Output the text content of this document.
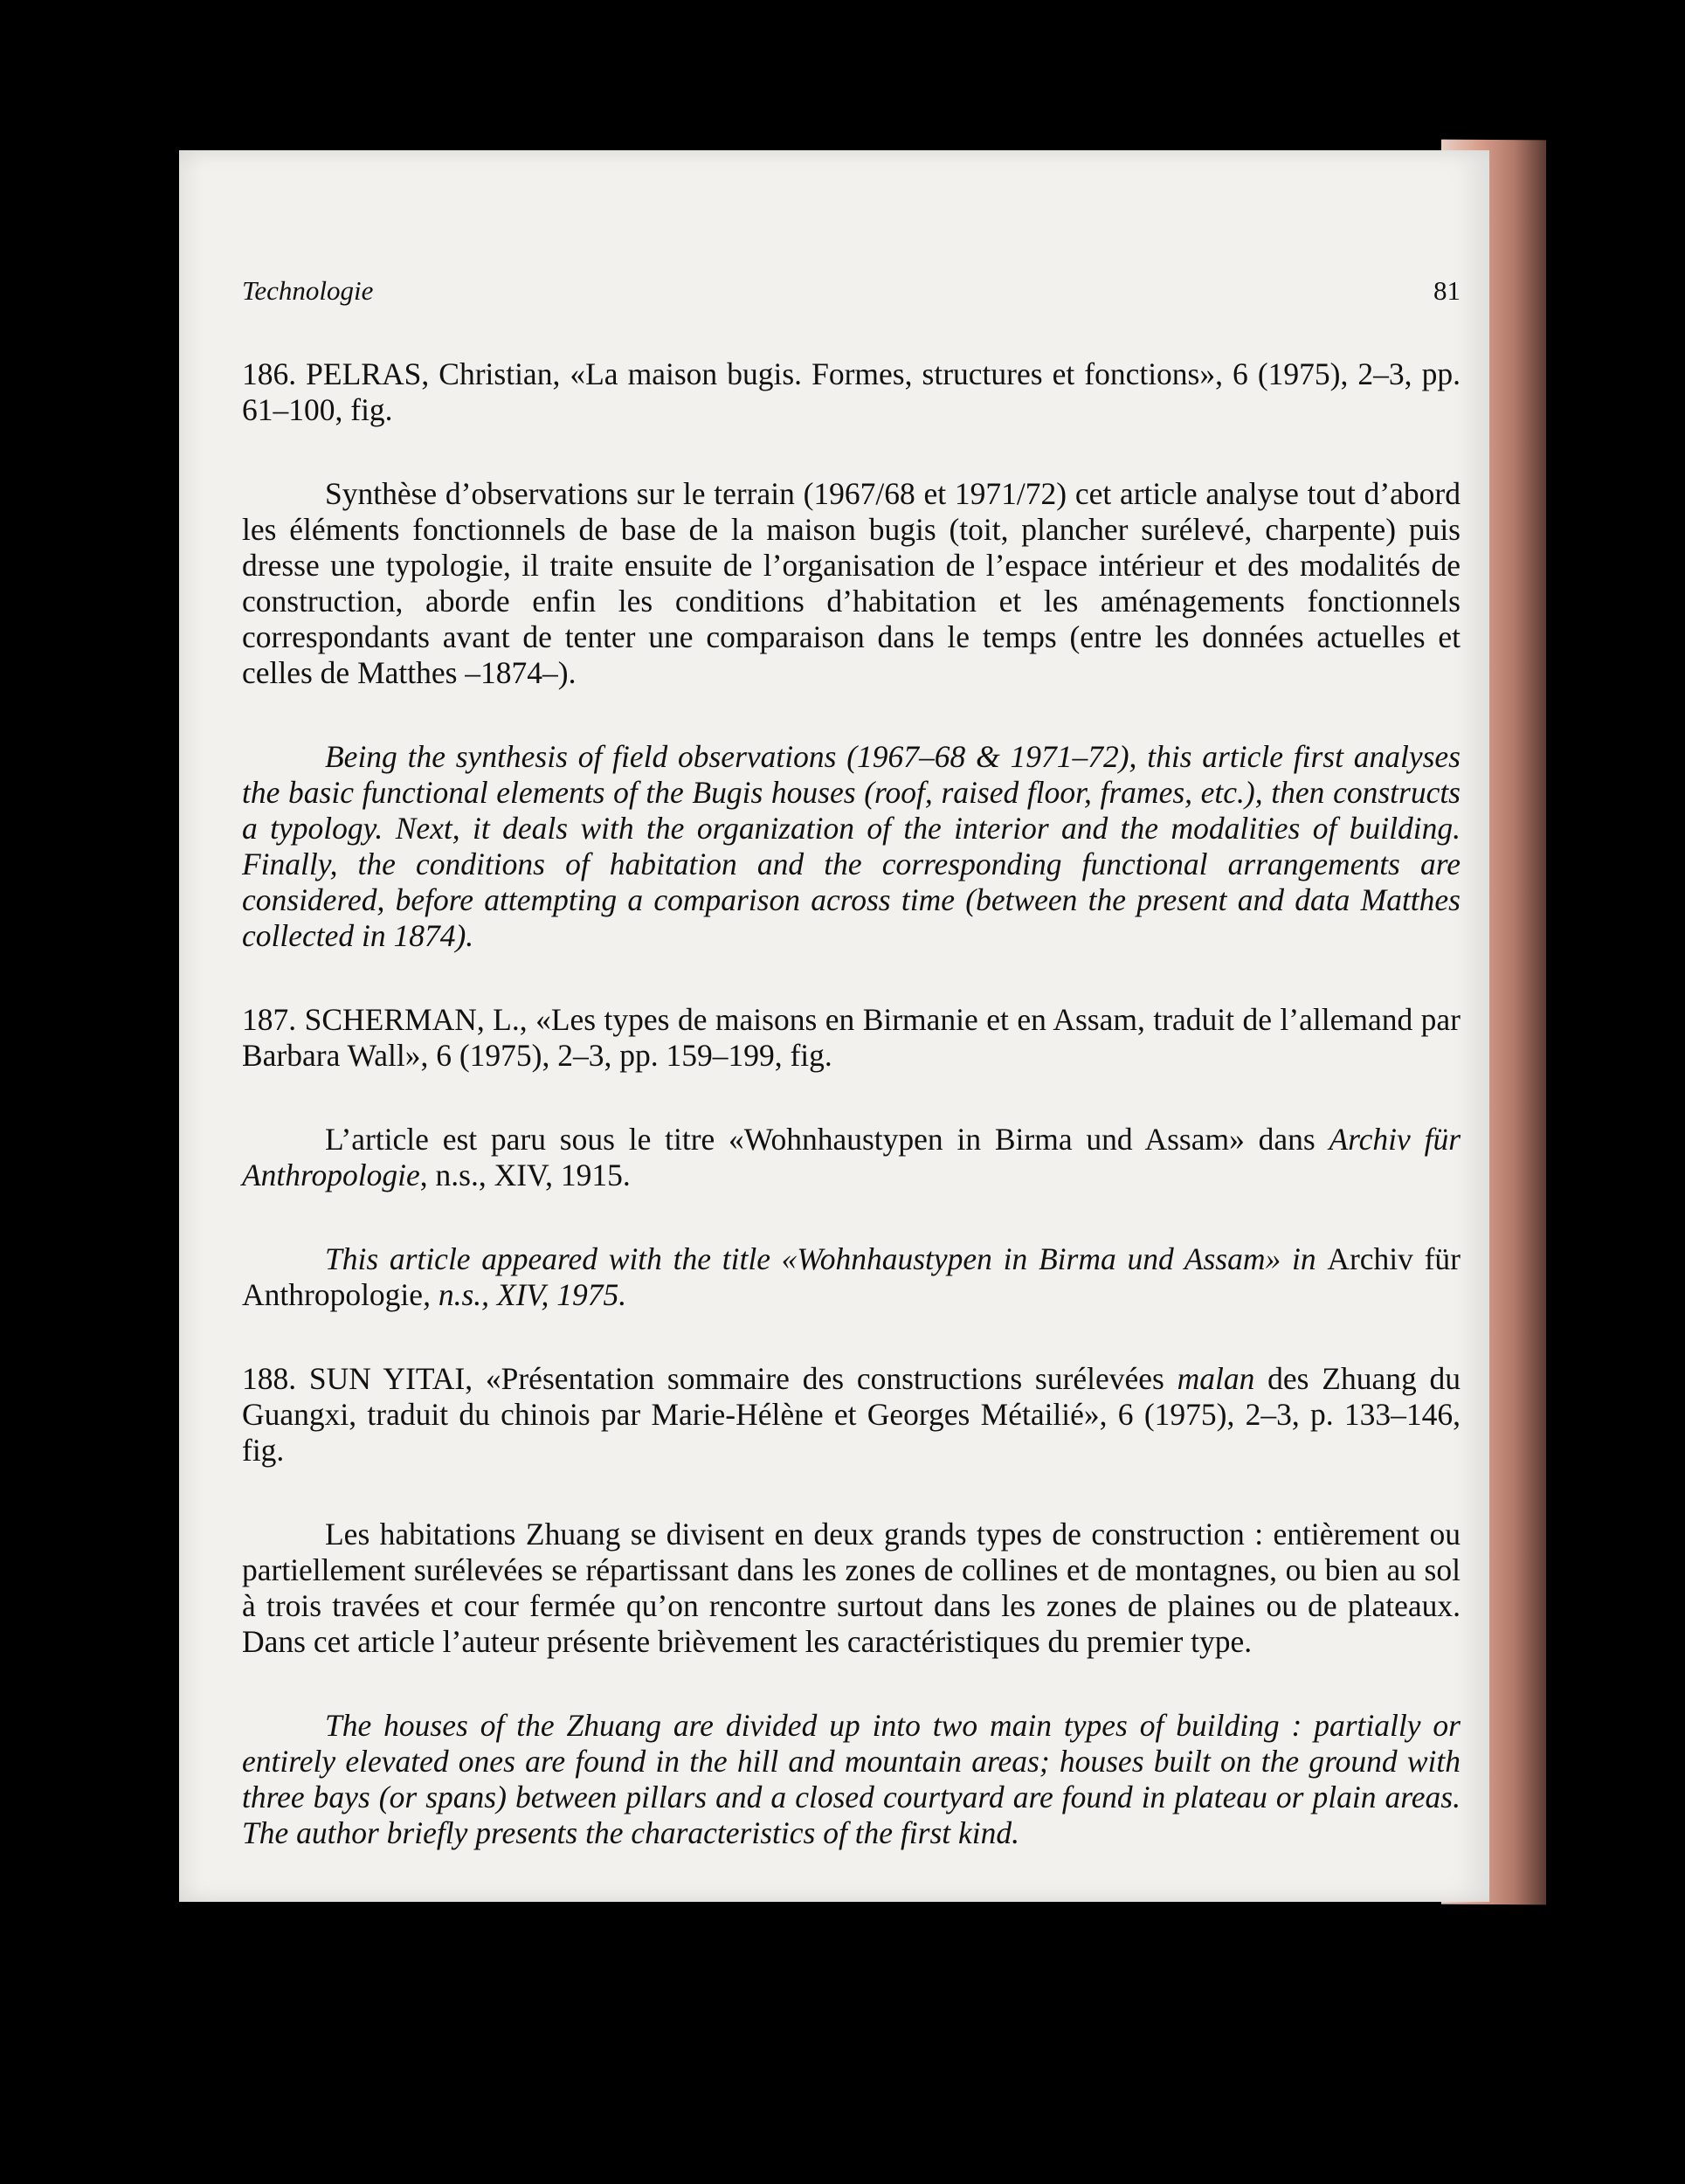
Technologie	81

186. PELRAS, Christian, «La maison bugis. Formes, structures et fonctions», 6 (1975), 2–3, pp. 61–100, fig.

Synthèse d’observations sur le terrain (1967/68 et 1971/72) cet article analyse tout d’abord les éléments fonctionnels de base de la maison bugis (toit, plancher surélevé, charpente) puis dresse une typologie, il traite ensuite de l’organisation de l’espace intérieur et des modalités de construction, aborde enfin les conditions d’habitation et les aménagements fonctionnels correspondants avant de tenter une comparaison dans le temps (entre les données actuelles et celles de Matthes –1874–).

Being the synthesis of field observations (1967–68 & 1971–72), this article first analyses the basic functional elements of the Bugis houses (roof, raised floor, frames, etc.), then constructs a typology. Next, it deals with the organization of the interior and the modalities of building. Finally, the conditions of habitation and the corresponding functional arrangements are considered, before attempting a comparison across time (between the present and data Matthes collected in 1874).

187. SCHERMAN, L., «Les types de maisons en Birmanie et en Assam, traduit de l’allemand par Barbara Wall», 6 (1975), 2–3, pp. 159–199, fig.

L’article est paru sous le titre «Wohnhaustypen in Birma und Assam» dans Archiv für Anthropologie, n.s., XIV, 1915.

This article appeared with the title «Wohnhaustypen in Birma und Assam» in Archiv für Anthropologie, n.s., XIV, 1975.

188. SUN YITAI, «Présentation sommaire des constructions surélevées malan des Zhuang du Guangxi, traduit du chinois par Marie-Hélène et Georges Métailié», 6 (1975), 2–3, p. 133–146, fig.

Les habitations Zhuang se divisent en deux grands types de construction : entièrement ou partiellement surélevées se répartissant dans les zones de collines et de montagnes, ou bien au sol à trois travées et cour fermée qu’on rencontre surtout dans les zones de plaines ou de plateaux. Dans cet article l’auteur présente brièvement les caractéristiques du premier type.

The houses of the Zhuang are divided up into two main types of building : partially or entirely elevated ones are found in the hill and mountain areas; houses built on the ground with three bays (or spans) between pillars and a closed courtyard are found in plateau or plain areas. The author briefly presents the characteristics of the first kind.
